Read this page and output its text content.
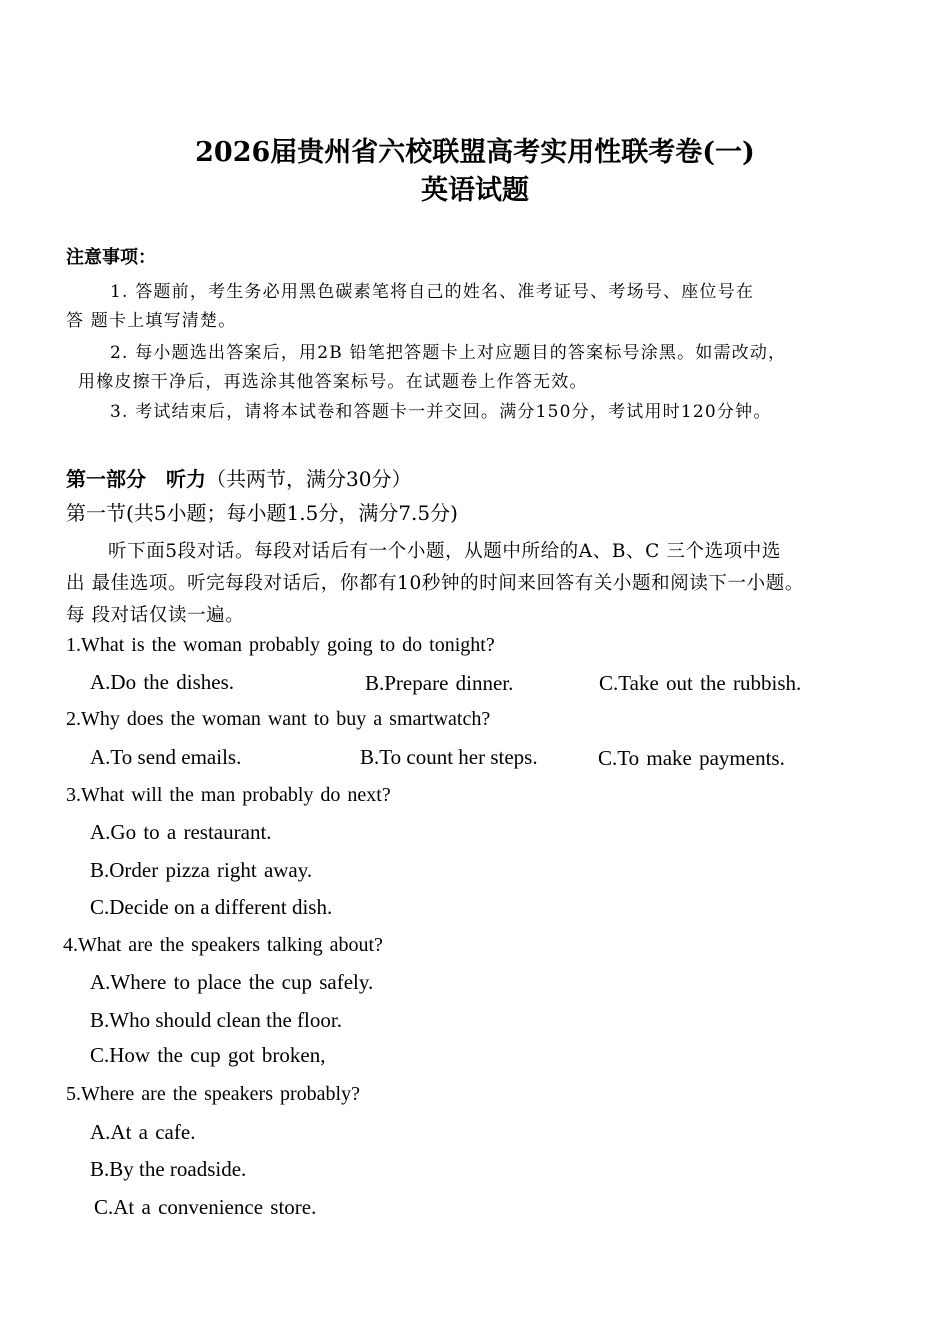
2026届贵州省六校联盟高考实用性联考卷(一)
英语试题
注意事项：
1. 答题前，考生务必用黑色碳素笔将自己的姓名、准考证号、考场号、座位号在
答 题卡上填写清楚。
2. 每小题选出答案后，用2B 铅笔把答题卡上对应题目的答案标号涂黑。如需改动，
用橡皮擦干净后，再选涂其他答案标号。在试题卷上作答无效。
3. 考试结束后，请将本试卷和答题卡一并交回。满分150分，考试用时120分钟。
第一部分　听力（共两节，满分30分）
第一节(共5小题；每小题1.5分，满分7.5分)
听下面5段对话。每段对话后有一个小题，从题中所给的A、B、C 三个选项中选
出 最佳选项。听完每段对话后，你都有10秒钟的时间来回答有关小题和阅读下一小题。
每 段对话仅读一遍。
1.What is the woman probably going to do tonight?
A.Do the dishes.	B.Prepare dinner.	C.Take out the rubbish.
2.Why does the woman want to buy a smartwatch?
A.To send emails.	B.To count her steps.	C.To make payments.
3.What will the man probably do next?
A.Go to a restaurant.
B.Order pizza right away.
C.Decide on a different dish.
4.What are the speakers talking about?
A.Where to place the cup safely.
B.Who should clean the floor.
C.How the cup got broken,
5.Where are the speakers probably?
A.At a cafe.
B.By the roadside.
C.At a convenience store.
